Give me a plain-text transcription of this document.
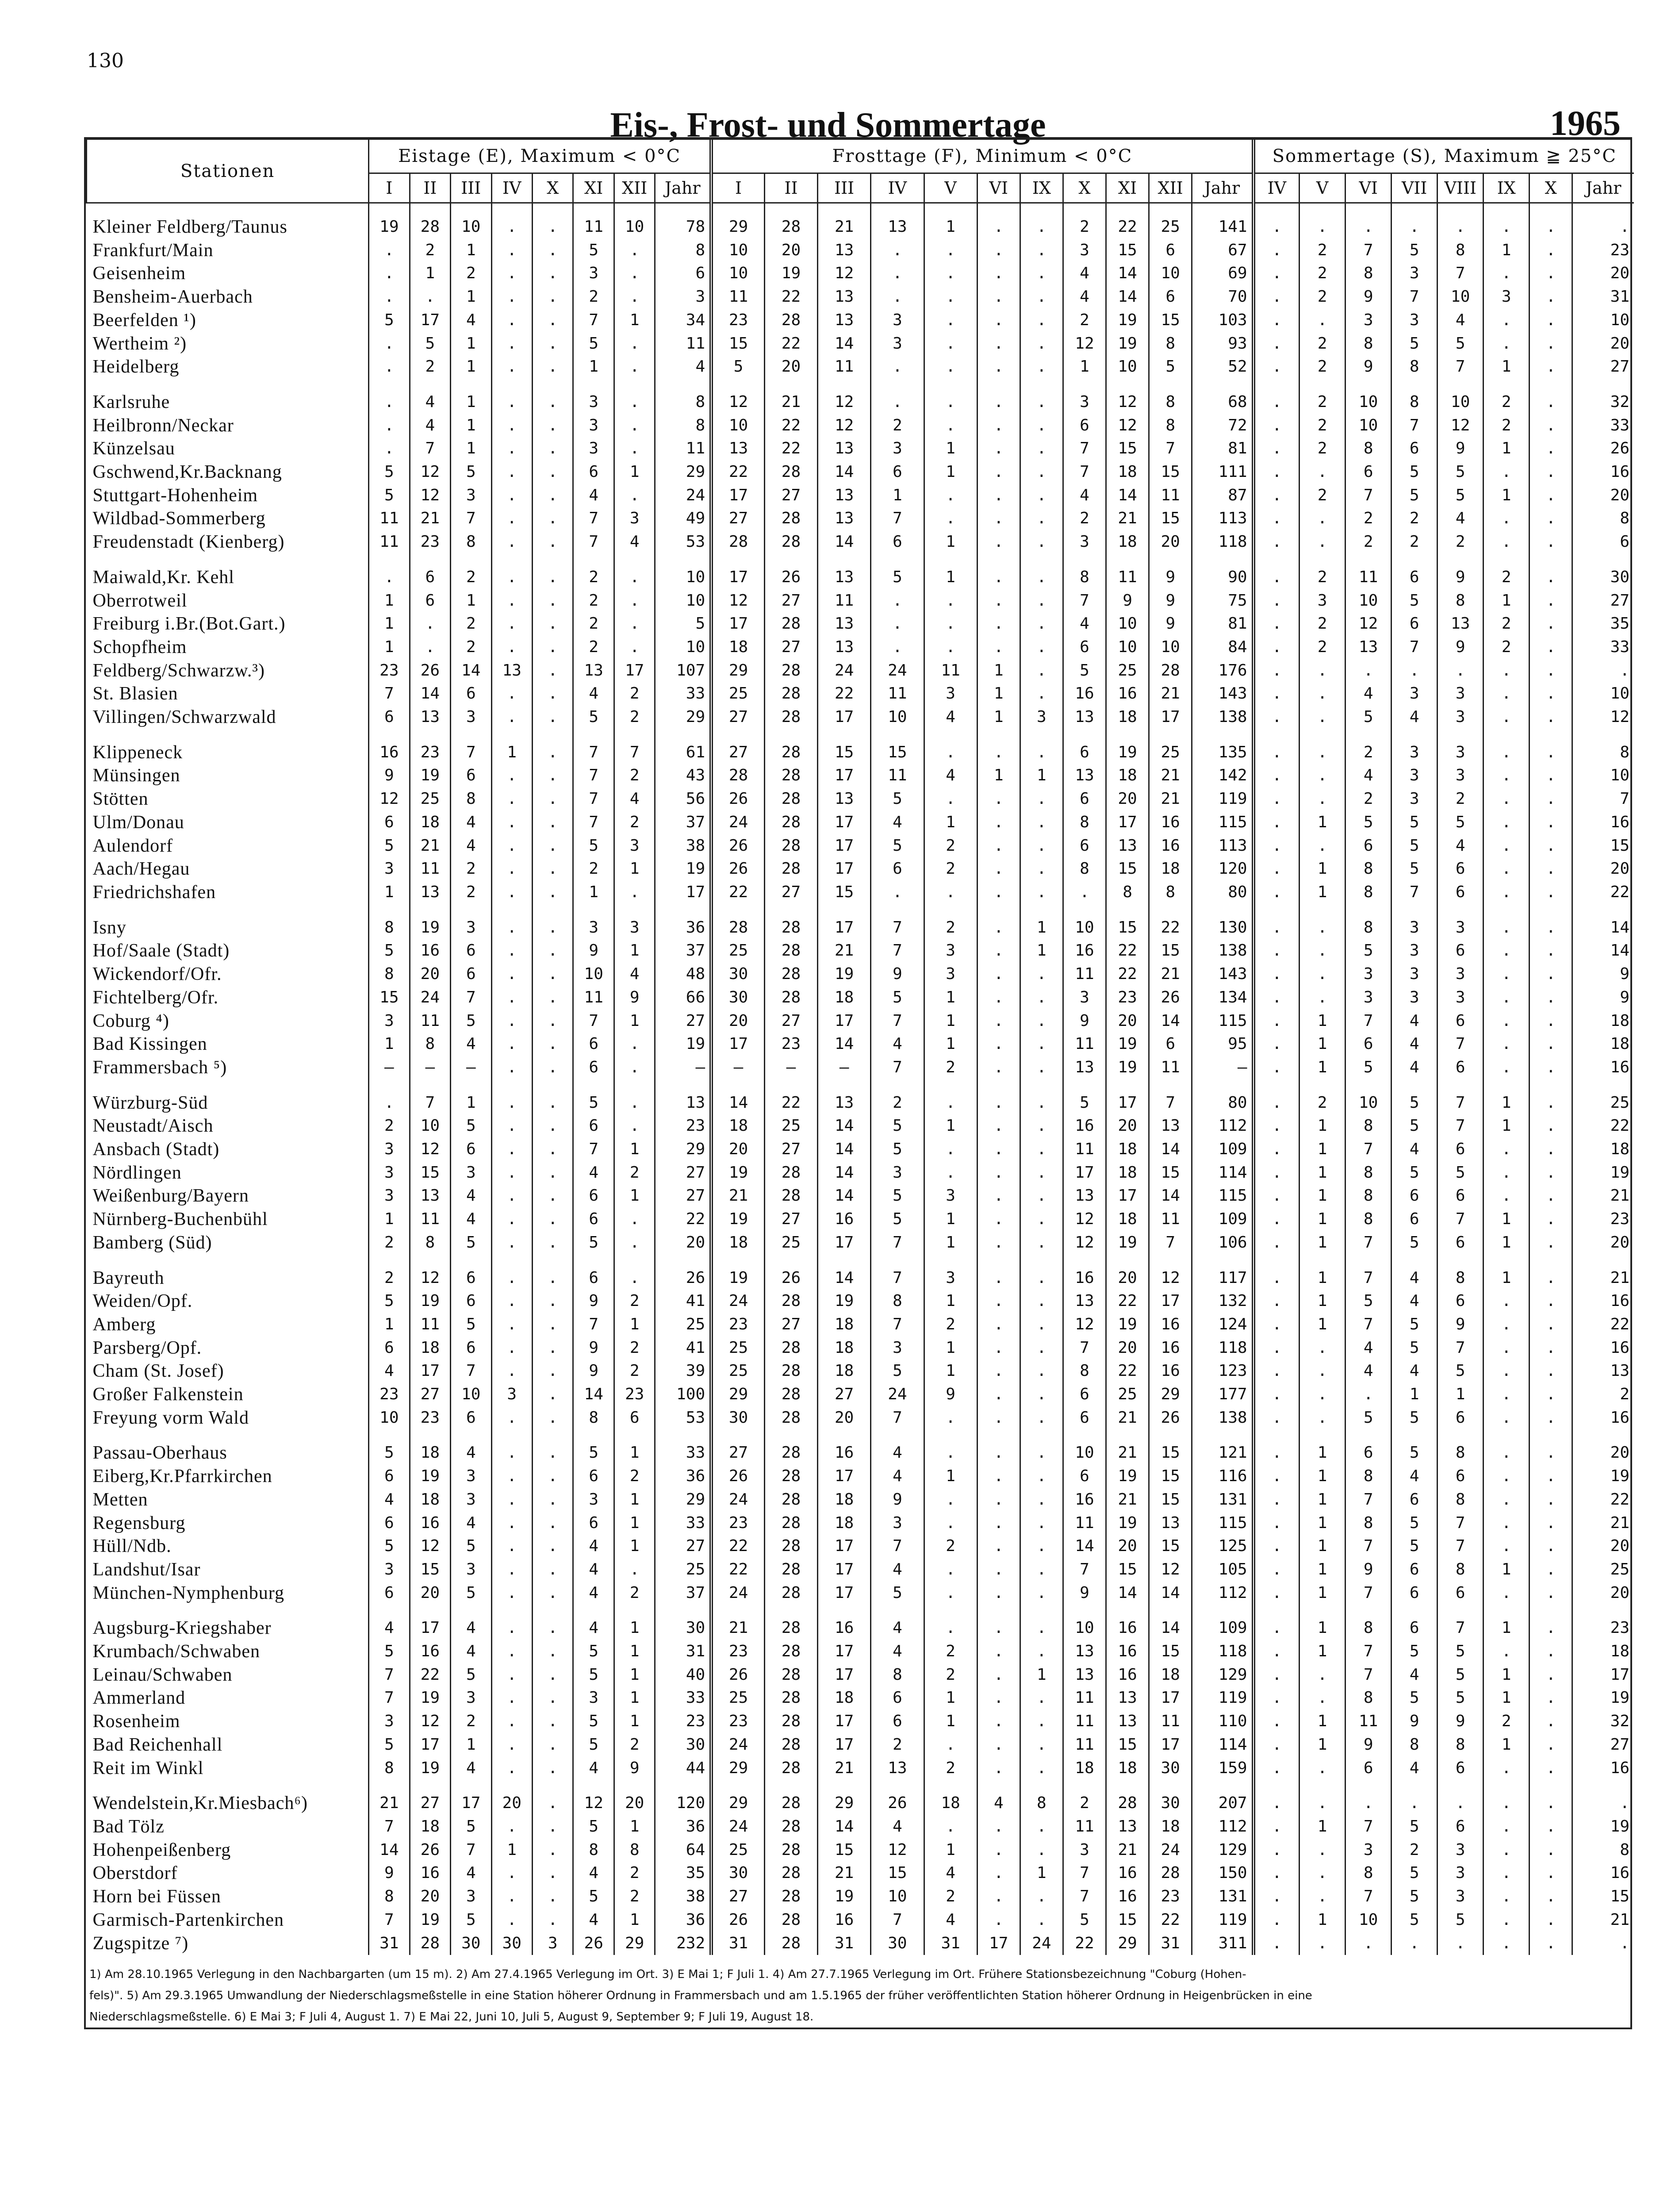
130
Eis-, Frost- und Sommertage	1965
Stationen	Eistage (E), Maximum < 0°C								Frosttage (F), Minimum < 0°C											Sommertage (S), Maximum ≧ 25°C							
	I	II	III	IV	X	XI	XII	Jahr	I	II	III	IV	V	VI	IX	X	XI	XII	Jahr	IV	V	VI	VII	VIII	IX	X	Jahr

Kleiner Feldberg/Taunus	19	28	10	.	.	11	10	78	29	28	21	13	1	.	.	2	22	25	141	.	.	.	.	.	.	.	.
Frankfurt/Main	.	2	1	.	.	5	.	8	10	20	13	.	.	.	.	3	15	6	67	.	2	7	5	8	1	.	23
Geisenheim	.	1	2	.	.	3	.	6	10	19	12	.	.	.	.	4	14	10	69	.	2	8	3	7	.	.	20
Bensheim-Auerbach	.	.	1	.	.	2	.	3	11	22	13	.	.	.	.	4	14	6	70	.	2	9	7	10	3	.	31
Beerfelden ¹)	5	17	4	.	.	7	1	34	23	28	13	3	.	.	.	2	19	15	103	.	.	3	3	4	.	.	10
Wertheim ²)	.	5	1	.	.	5	.	11	15	22	14	3	.	.	.	12	19	8	93	.	2	8	5	5	.	.	20
Heidelberg	.	2	1	.	.	1	.	4	5	20	11	.	.	.	.	1	10	5	52	.	2	9	8	7	1	.	27

Karlsruhe	.	4	1	.	.	3	.	8	12	21	12	.	.	.	.	3	12	8	68	.	2	10	8	10	2	.	32
Heilbronn/Neckar	.	4	1	.	.	3	.	8	10	22	12	2	.	.	.	6	12	8	72	.	2	10	7	12	2	.	33
Künzelsau	.	7	1	.	.	3	.	11	13	22	13	3	1	.	.	7	15	7	81	.	2	8	6	9	1	.	26
Gschwend,Kr.Backnang	5	12	5	.	.	6	1	29	22	28	14	6	1	.	.	7	18	15	111	.	.	6	5	5	.	.	16
Stuttgart-Hohenheim	5	12	3	.	.	4	.	24	17	27	13	1	.	.	.	4	14	11	87	.	2	7	5	5	1	.	20
Wildbad-Sommerberg	11	21	7	.	.	7	3	49	27	28	13	7	.	.	.	2	21	15	113	.	.	2	2	4	.	.	8
Freudenstadt (Kienberg)	11	23	8	.	.	7	4	53	28	28	14	6	1	.	.	3	18	20	118	.	.	2	2	2	.	.	6

Maiwald,Kr. Kehl	.	6	2	.	.	2	.	10	17	26	13	5	1	.	.	8	11	9	90	.	2	11	6	9	2	.	30
Oberrotweil	1	6	1	.	.	2	.	10	12	27	11	.	.	.	.	7	9	9	75	.	3	10	5	8	1	.	27
Freiburg i.Br.(Bot.Gart.)	1	.	2	.	.	2	.	5	17	28	13	.	.	.	.	4	10	9	81	.	2	12	6	13	2	.	35
Schopfheim	1	.	2	.	.	2	.	10	18	27	13	.	.	.	.	6	10	10	84	.	2	13	7	9	2	.	33
Feldberg/Schwarzw.³)	23	26	14	13	.	13	17	107	29	28	24	24	11	1	.	5	25	28	176	.	.	.	.	.	.	.	.
St. Blasien	7	14	6	.	.	4	2	33	25	28	22	11	3	1	.	16	16	21	143	.	.	4	3	3	.	.	10
Villingen/Schwarzwald	6	13	3	.	.	5	2	29	27	28	17	10	4	1	3	13	18	17	138	.	.	5	4	3	.	.	12

Klippeneck	16	23	7	1	.	7	7	61	27	28	15	15	.	.	.	6	19	25	135	.	.	2	3	3	.	.	8
Münsingen	9	19	6	.	.	7	2	43	28	28	17	11	4	1	1	13	18	21	142	.	.	4	3	3	.	.	10
Stötten	12	25	8	.	.	7	4	56	26	28	13	5	.	.	.	6	20	21	119	.	.	2	3	2	.	.	7
Ulm/Donau	6	18	4	.	.	7	2	37	24	28	17	4	1	.	.	8	17	16	115	.	1	5	5	5	.	.	16
Aulendorf	5	21	4	.	.	5	3	38	26	28	17	5	2	.	.	6	13	16	113	.	.	6	5	4	.	.	15
Aach/Hegau	3	11	2	.	.	2	1	19	26	28	17	6	2	.	.	8	15	18	120	.	1	8	5	6	.	.	20
Friedrichshafen	1	13	2	.	.	1	.	17	22	27	15	.	.	.	.	.	8	8	80	.	1	8	7	6	.	.	22

Isny	8	19	3	.	.	3	3	36	28	28	17	7	2	.	1	10	15	22	130	.	.	8	3	3	.	.	14
Hof/Saale (Stadt)	5	16	6	.	.	9	1	37	25	28	21	7	3	.	1	16	22	15	138	.	.	5	3	6	.	.	14
Wickendorf/Ofr.	8	20	6	.	.	10	4	48	30	28	19	9	3	.	.	11	22	21	143	.	.	3	3	3	.	.	9
Fichtelberg/Ofr.	15	24	7	.	.	11	9	66	30	28	18	5	1	.	.	3	23	26	134	.	.	3	3	3	.	.	9
Coburg ⁴)	3	11	5	.	.	7	1	27	20	27	17	7	1	.	.	9	20	14	115	.	1	7	4	6	.	.	18
Bad Kissingen	1	8	4	.	.	6	.	19	17	23	14	4	1	.	.	11	19	6	95	.	1	6	4	7	.	.	18
Frammersbach ⁵)	—	—	—	.	.	6	.	—	—	—	—	7	2	.	.	13	19	11	—	.	1	5	4	6	.	.	16

Würzburg-Süd	.	7	1	.	.	5	.	13	14	22	13	2	.	.	.	5	17	7	80	.	2	10	5	7	1	.	25
Neustadt/Aisch	2	10	5	.	.	6	.	23	18	25	14	5	1	.	.	16	20	13	112	.	1	8	5	7	1	.	22
Ansbach (Stadt)	3	12	6	.	.	7	1	29	20	27	14	5	.	.	.	11	18	14	109	.	1	7	4	6	.	.	18
Nördlingen	3	15	3	.	.	4	2	27	19	28	14	3	.	.	.	17	18	15	114	.	1	8	5	5	.	.	19
Weißenburg/Bayern	3	13	4	.	.	6	1	27	21	28	14	5	3	.	.	13	17	14	115	.	1	8	6	6	.	.	21
Nürnberg-Buchenbühl	1	11	4	.	.	6	.	22	19	27	16	5	1	.	.	12	18	11	109	.	1	8	6	7	1	.	23
Bamberg (Süd)	2	8	5	.	.	5	.	20	18	25	17	7	1	.	.	12	19	7	106	.	1	7	5	6	1	.	20

Bayreuth	2	12	6	.	.	6	.	26	19	26	14	7	3	.	.	16	20	12	117	.	1	7	4	8	1	.	21
Weiden/Opf.	5	19	6	.	.	9	2	41	24	28	19	8	1	.	.	13	22	17	132	.	1	5	4	6	.	.	16
Amberg	1	11	5	.	.	7	1	25	23	27	18	7	2	.	.	12	19	16	124	.	1	7	5	9	.	.	22
Parsberg/Opf.	6	18	6	.	.	9	2	41	25	28	18	3	1	.	.	7	20	16	118	.	.	4	5	7	.	.	16
Cham (St. Josef)	4	17	7	.	.	9	2	39	25	28	18	5	1	.	.	8	22	16	123	.	.	4	4	5	.	.	13
Großer Falkenstein	23	27	10	3	.	14	23	100	29	28	27	24	9	.	.	6	25	29	177	.	.	.	1	1	.	.	2
Freyung vorm Wald	10	23	6	.	.	8	6	53	30	28	20	7	.	.	.	6	21	26	138	.	.	5	5	6	.	.	16

Passau-Oberhaus	5	18	4	.	.	5	1	33	27	28	16	4	.	.	.	10	21	15	121	.	1	6	5	8	.	.	20
Eiberg,Kr.Pfarrkirchen	6	19	3	.	.	6	2	36	26	28	17	4	1	.	.	6	19	15	116	.	1	8	4	6	.	.	19
Metten	4	18	3	.	.	3	1	29	24	28	18	9	.	.	.	16	21	15	131	.	1	7	6	8	.	.	22
Regensburg	6	16	4	.	.	6	1	33	23	28	18	3	.	.	.	11	19	13	115	.	1	8	5	7	.	.	21
Hüll/Ndb.	5	12	5	.	.	4	1	27	22	28	17	7	2	.	.	14	20	15	125	.	1	7	5	7	.	.	20
Landshut/Isar	3	15	3	.	.	4	.	25	22	28	17	4	.	.	.	7	15	12	105	.	1	9	6	8	1	.	25
München-Nymphenburg	6	20	5	.	.	4	2	37	24	28	17	5	.	.	.	9	14	14	112	.	1	7	6	6	.	.	20

Augsburg-Kriegshaber	4	17	4	.	.	4	1	30	21	28	16	4	.	.	.	10	16	14	109	.	1	8	6	7	1	.	23
Krumbach/Schwaben	5	16	4	.	.	5	1	31	23	28	17	4	2	.	.	13	16	15	118	.	1	7	5	5	.	.	18
Leinau/Schwaben	7	22	5	.	.	5	1	40	26	28	17	8	2	.	1	13	16	18	129	.	.	7	4	5	1	.	17
Ammerland	7	19	3	.	.	3	1	33	25	28	18	6	1	.	.	11	13	17	119	.	.	8	5	5	1	.	19
Rosenheim	3	12	2	.	.	5	1	23	23	28	17	6	1	.	.	11	13	11	110	.	1	11	9	9	2	.	32
Bad Reichenhall	5	17	1	.	.	5	2	30	24	28	17	2	.	.	.	11	15	17	114	.	1	9	8	8	1	.	27
Reit im Winkl	8	19	4	.	.	4	9	44	29	28	21	13	2	.	.	18	18	30	159	.	.	6	4	6	.	.	16

Wendelstein,Kr.Miesbach⁶)	21	27	17	20	.	12	20	120	29	28	29	26	18	4	8	2	28	30	207	.	.	.	.	.	.	.	.
Bad Tölz	7	18	5	.	.	5	1	36	24	28	14	4	.	.	.	11	13	18	112	.	1	7	5	6	.	.	19
Hohenpeißenberg	14	26	7	1	.	8	8	64	25	28	15	12	1	.	.	3	21	24	129	.	.	3	2	3	.	.	8
Oberstdorf	9	16	4	.	.	4	2	35	30	28	21	15	4	.	1	7	16	28	150	.	.	8	5	3	.	.	16
Horn bei Füssen	8	20	3	.	.	5	2	38	27	28	19	10	2	.	.	7	16	23	131	.	.	7	5	3	.	.	15
Garmisch-Partenkirchen	7	19	5	.	.	4	1	36	26	28	16	7	4	.	.	5	15	22	119	.	1	10	5	5	.	.	21
Zugspitze ⁷)	31	28	30	30	3	26	29	232	31	28	31	30	31	17	24	22	29	31	311	.	.	.	.	.	.	.	.
1) Am 28.10.1965 Verlegung in den Nachbargarten (um 15 m). 2) Am 27.4.1965 Verlegung im Ort. 3) E Mai 1; F Juli 1. 4) Am 27.7.1965 Verlegung im Ort. Frühere Stationsbezeichnung "Coburg (Hohen-
fels)". 5) Am 29.3.1965 Umwandlung der Niederschlagsmeßstelle in eine Station höherer Ordnung in Frammersbach und am 1.5.1965 der früher veröffentlichten Station höherer Ordnung in Heigenbrücken in eine
Niederschlagsmeßstelle. 6) E Mai 3; F Juli 4, August 1. 7) E Mai 22, Juni 10, Juli 5, August 9, September 9; F Juli 19, August 18.
